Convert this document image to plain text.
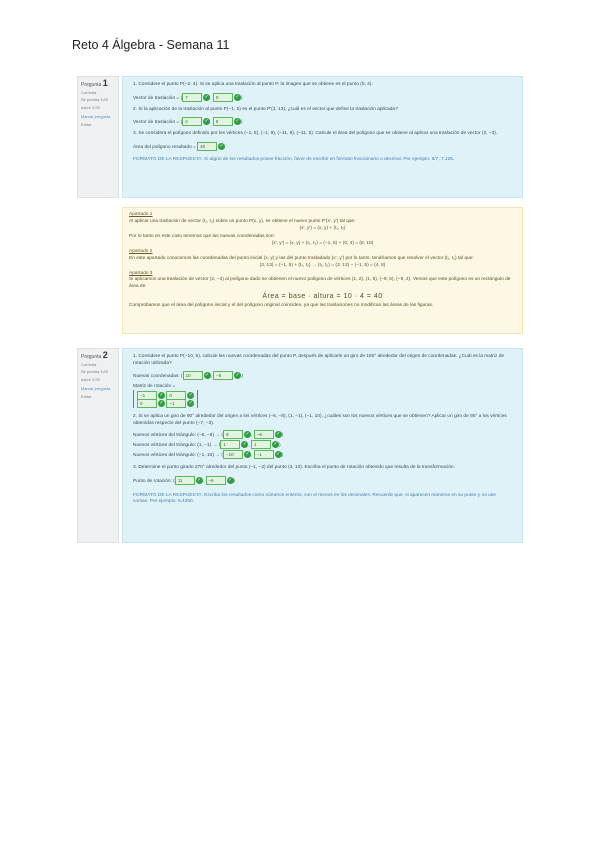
Reto 4 Álgebra - Semana 11
Pregunta 1
Correcta
Se puntúa 3,00
sobre 3,00
Marcar pregunta
Editar

1. Considere el punto P(−2, 4). Si se aplica una traslación al punto P, la imagen que se obtiene es el punto (5, 4).

Vector de traslación = ( 7	✓, 0	✓)

2. Si la aplicación de la traslación al punto P(−1, 5) es el punto P′(3, 13), ¿cuál es el vector que define la traslación aplicada?

Vector de traslación = ( 4	✓, 8	✓)

3. Se considera el polígono definido por los vértices (−1, 5), (−1, 9), (−11, 9), (−11, 5). Calcule el área del polígono que se obtiene al aplicar una traslación de vector (2, −3).

Área del polígono resultado = 40	✓

FORMATO DE LA RESPUESTA: Si algún de los resultados posee fracción, favor de escribir en formato fraccionario o decimal. Por ejemplo: 5/7, 7.125.

Apartado 1
Al aplicar una traslación de vector (t₁, t₂) sobre un punto P(x, y), se obtiene el nuevo punto P′(x′, y′) tal que:
(x′, y′) = (x, y) + (t₁, t₂)
Por lo tanto en este caso tenemos que las nuevas coordenadas son:
(x′, y′) = (x, y) + (t₁, t₂) = (−1, 5) + (0, 4) = (8, 10)
Apartado 2
En este apartado conocemos las coordenadas del punto inicial (x, y) y las del punto trasladado (x′, y′) por lo tanto, tendríamos que resolver el vector (t₁, t₂) tal que:
(3, 13) = (−1, 5) + (t₁, t₂) → (t₁, t₂) = (3, 13) − (−1, 5) = (4, 8)
Apartado 3
Si aplicamos una traslación de vector (2, −3) al polígono dado se obtienen el nuevo polígono de vértices (1, 2), (1, 6), (−9, 6), (−9, 2). Vemos que este polígono es un rectángulo de área de:
Área = base · altura = 10 · 4 = 40
Comprobamos que el área del polígono inicial y el del polígono original coinciden, ya que las traslaciones no modifican las áreas de las figuras.
Pregunta 2
Correcta
Se puntúa 3,00
sobre 3,00
Marcar pregunta
Editar

1. Considere el punto P(−10, 5), calcule las nuevas coordenadas del punto P, después de aplicarle un giro de 180° alrededor del origen de coordenadas. ¿Cuál es la matriz de rotación utilizada?

Nuevas coordenadas: ( 10	✓, −5	✓)
Matriz de rotación =
−1	✓ 0	✓
0	✓ −1	✓

2. Si se aplica un giro de 90° alrededor del origen a los vértices (−6, −8), (1, −1), (−1, 10), ¿cuáles son los nuevos vértices que se obtienen? Aplicar un giro de 90° a los vértices obtenidos respecto del punto (−7, −3).

Nuevos vértices del triángulo: (−6, −8) → ( 8	✓, −6	✓)
Nuevos vértices del triángulo: (1, −1) → ( 1	✓, 1	✓)
Nuevos vértices del triángulo: (−1, 10) → ( −10 ✓, −1	✓)

3. Determine el punto girado 270° alrededor del punto (−1, −2) del punto (3, 10). Escriba el punto de rotación obtenido que resulta de la transformación.

Punto de rotación: ( 11	✓, −6	✓)

FORMATO DE LA RESPUESTA: Escriba los resultados como números enteros, con el menos en los decimales. Recuerde que, si aparecen números en su punto y no use comas. Por ejemplo: 5.4250.
